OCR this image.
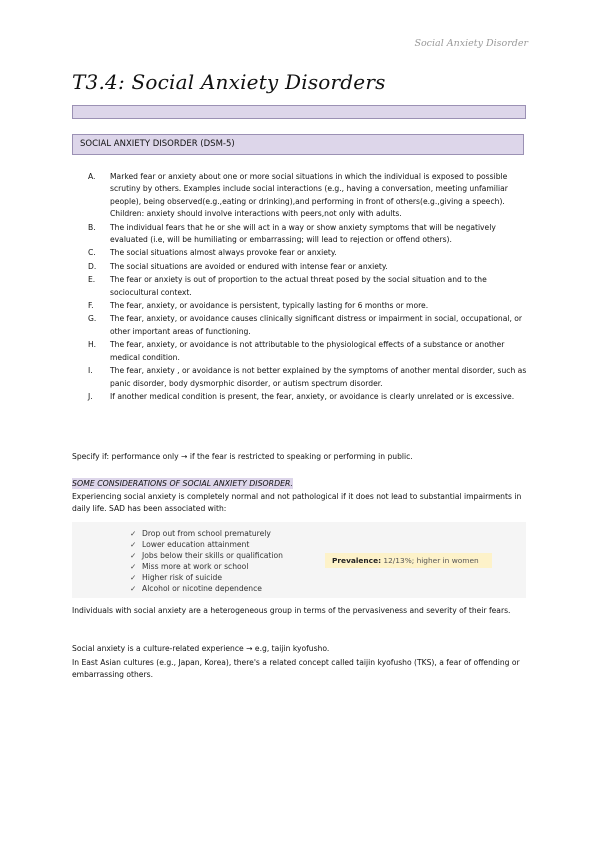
Social Anxiety Disorder
T3.4: Social Anxiety Disorders
SOCIAL ANXIETY DISORDER (DSM-5)
A. Marked fear or anxiety about one or more social situations in which the individual is exposed to possible scrutiny by others. Examples include social interactions (e.g., having a conversation, meeting unfamiliar people), being observed(e.g.,eating or drinking),and performing in front of others(e.g.,giving a speech). Children: anxiety should involve interactions with peers,not only with adults.
B. The individual fears that he or she will act in a way or show anxiety symptoms that will be negatively evaluated (i.e, will be humiliating or embarrassing; will lead to rejection or offend others).
C. The social situations almost always provoke fear or anxiety.
D. The social situations are avoided or endured with intense fear or anxiety.
E. The fear or anxiety is out of proportion to the actual threat posed by the social situation and to the sociocultural context.
F. The fear, anxiety, or avoidance is persistent, typically lasting for 6 months or more.
G. The fear, anxiety, or avoidance causes clinically significant distress or impairment in social, occupational, or other important areas of functioning.
H. The fear, anxiety, or avoidance is not attributable to the physiological effects of a substance or another medical condition.
I. The fear, anxiety , or avoidance is not better explained by the symptoms of another mental disorder, such as panic disorder, body dysmorphic disorder, or autism spectrum disorder.
J. If another medical condition is present, the fear, anxiety, or avoidance is clearly unrelated or is excessive.
Specify if: performance only → if the fear is restricted to speaking or performing in public.
SOME CONSIDERATIONS OF SOCIAL ANXIETY DISORDER.
Experiencing social anxiety is completely normal and not pathological if it does not lead to substantial impairments in daily life. SAD has been associated with:
✓ Drop out from school prematurely
✓ Lower education attainment
✓ Jobs below their skills or qualification
✓ Miss more at work or school
✓ Higher risk of suicide
✓ Alcohol or nicotine dependence
Prevalence: 12/13%; higher in women
Individuals with social anxiety are a heterogeneous group in terms of the pervasiveness and severity of their fears.
Social anxiety is a culture-related experience → e.g, taijin kyofusho.
In East Asian cultures (e.g., Japan, Korea), there's a related concept called taijin kyofusho (TKS), a fear of offending or embarrassing others.
